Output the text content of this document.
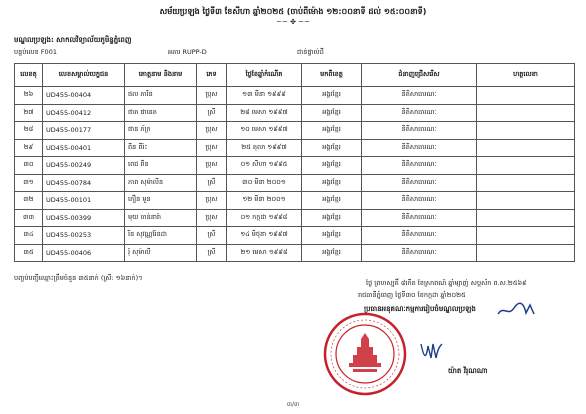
សម័យប្រឡង ថ្ងៃទី៣ ខែសីហា ឆ្នាំ២០២៥ (ចាប់ពីម៉ោង ១២:០០នាទី ដល់ ១៥:០០នាទី)
~~ ✤ ~~
មណ្ឌលប្រឡង: សាកលវិទ្យាល័យភូមិន្ទភ្នំពេញ
បន្ទប់លេខ F001	អគារ RUPP-D	ជាន់ផ្ទាល់ដី
លេខតុ	លេខសម្គាល់បេក្ខជន	គោត្តនាម និងនាម	ភេទ	ថ្ងៃខែឆ្នាំកំណើត	មកពីខេត្ត	ជំនាញជ្រើសរើស	ហត្ថលេខា
២៦	UD455-00404	ផល ភារិន	ប្រុស	១៣ មីនា ១៩៩៩	អង្គរខ្មែរ	និតិសាធារណៈ	
២៧	UD455-00412	ផាត ផានេត	ស្រី	២៨ មេសា ១៩៩៧	អង្គរខ្មែរ	និតិសាធារណៈ	
២៨	UD455-00177	ផាន ភ័ក្រ	ប្រុស	១០ មេសា ១៩៩៧	អង្គរខ្មែរ	និតិសាធារណៈ	
២៩	UD455-00401	ពីន ពីរ៉ះ	ប្រុស	២៥ តុលា ១៩៩៧	អង្គរខ្មែរ	និតិសាធារណៈ	
៣០	UD455-00249	ពេជ ពីន	ប្រុស	០១ សីហា ១៩៩៥	អង្គរខ្មែរ	និតិសាធារណៈ	
៣១	UD455-00784	ភាព សុម៉ាលីន	ស្រី	៣០ មីនា ២០០១	អង្គរខ្មែរ	និតិសាធារណៈ	
៣២	UD455-00101	ភឿន មួន	ប្រុស	១២ មីនា ២០០១	អង្គរខ្មែរ	និតិសាធារណៈ	
៣៣	UD455-00399	មុយ ចាន់នារ៉ា	ប្រុស	០១ កក្កដា ១៩៩៨	អង្គរខ្មែរ	និតិសាធារណៈ	
៣៤	UD455-00253	រិន សុវណ្ណរ៉ែនដា	ស្រី	១៤ មិថុនា ១៩៩៧	អង្គរខ្មែរ	និតិសាធារណៈ	
៣៥	UD455-00406	រុំ សុម៉ាលី	ស្រី	២១ មេសា ១៩៩៨	អង្គរខ្មែរ	និតិសាធារណៈ	
បញ្ចប់បញ្ជីឈ្មោះត្រឹមចំនួន ៣៥នាក់ (ស្រី: ១៦នាក់)។
ថ្ងៃ ព្រហស្បតិ៍ ៨កើត ខែស្រាពណ៍ ឆ្នាំម្សាញ់ សប្តស័ក ព.ស.២៥៦៩
រាជធានីភ្នំពេញ ថ្ងៃទី៣០ ខែកក្កដា ឆ្នាំ២០២៥
ប្រធានអនុគណៈកម្មការរៀបចំមណ្ឌលប្រឡង
យ៉ាត វិរុណណា
៣/៣
